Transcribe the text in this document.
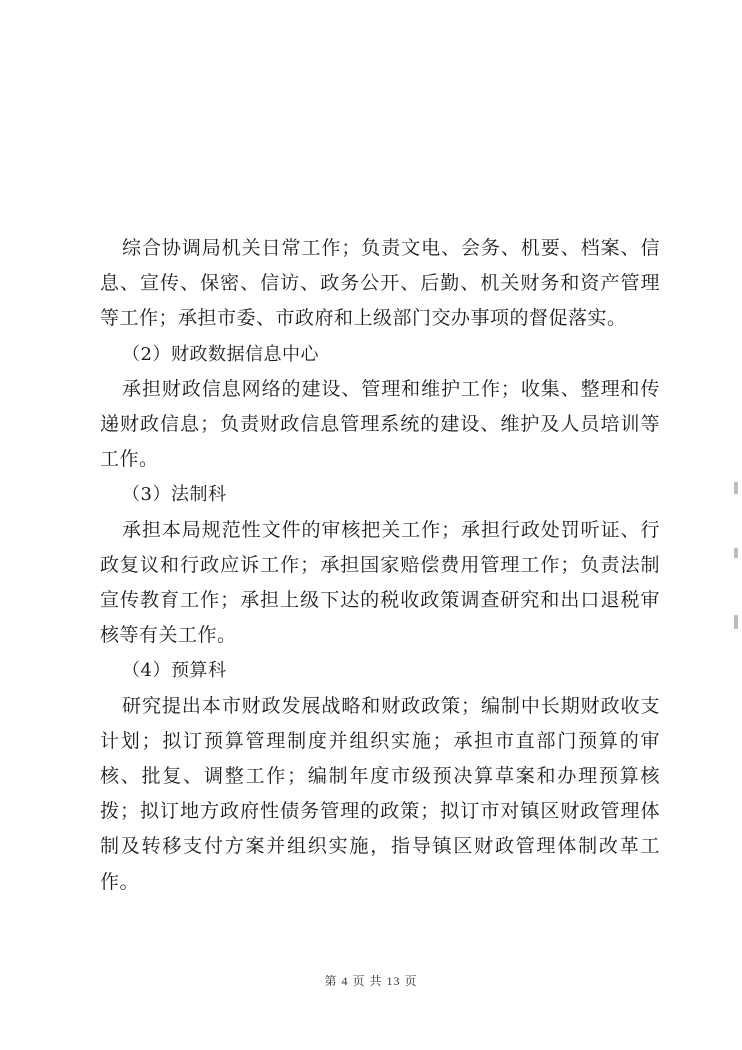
综合协调局机关日常工作；负责文电、会务、机要、档案、信息、宣传、保密、信访、政务公开、后勤、机关财务和资产管理等工作；承担市委、市政府和上级部门交办事项的督促落实。

（2）财政数据信息中心

承担财政信息网络的建设、管理和维护工作；收集、整理和传递财政信息；负责财政信息管理系统的建设、维护及人员培训等工作。

（3）法制科

承担本局规范性文件的审核把关工作；承担行政处罚听证、行政复议和行政应诉工作；承担国家赔偿费用管理工作；负责法制宣传教育工作；承担上级下达的税收政策调查研究和出口退税审核等有关工作。

（4）预算科

研究提出本市财政发展战略和财政政策；编制中长期财政收支计划；拟订预算管理制度并组织实施；承担市直部门预算的审核、批复、调整工作；编制年度市级预决算草案和办理预算核拨；拟订地方政府性债务管理的政策；拟订市对镇区财政管理体制及转移支付方案并组织实施，指导镇区财政管理体制改革工作。

第 4 页 共 13 页
